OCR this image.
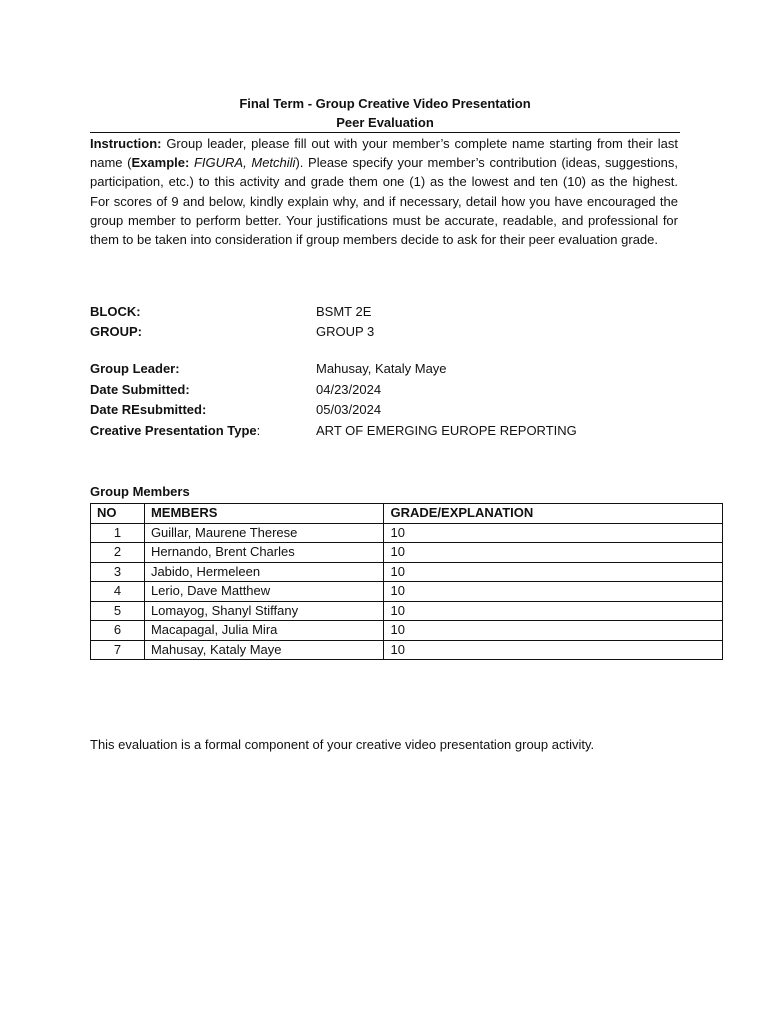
Final Term - Group Creative Video Presentation
Peer Evaluation
Instruction: Group leader, please fill out with your member’s complete name starting from their last name (Example: FIGURA, Metchili). Please specify your member’s contribution (ideas, suggestions, participation, etc.) to this activity and grade them one (1) as the lowest and ten (10) as the highest. For scores of 9 and below, kindly explain why, and if necessary, detail how you have encouraged the group member to perform better. Your justifications must be accurate, readable, and professional for them to be taken into consideration if group members decide to ask for their peer evaluation grade.
BLOCK:	BSMT 2E
GROUP:	GROUP 3
Group Leader:	Mahusay, Kataly Maye
Date Submitted:	04/23/2024
Date REsubmitted:	05/03/2024
Creative Presentation Type:	ART OF EMERGING EUROPE REPORTING
Group Members
NO	MEMBERS	GRADE/EXPLANATION
1	Guillar, Maurene Therese	10
2	Hernando, Brent Charles	10
3	Jabido, Hermeleen	10
4	Lerio, Dave Matthew	10
5	Lomayog, Shanyl Stiffany	10
6	Macapagal, Julia Mira	10
7	Mahusay, Kataly Maye	10
This evaluation is a formal component of your creative video presentation group activity.
